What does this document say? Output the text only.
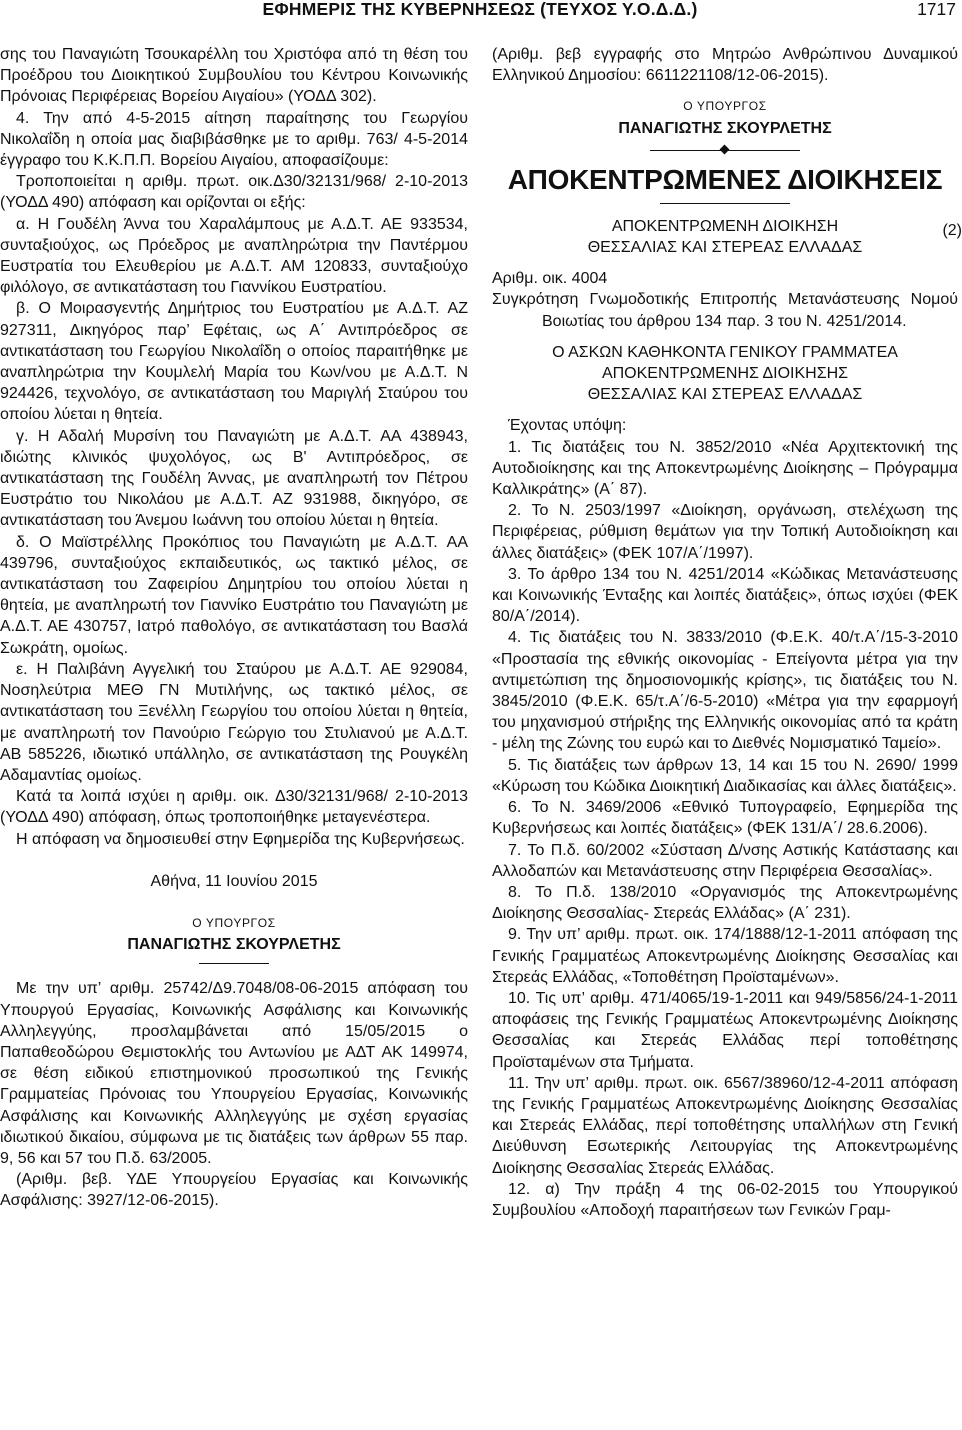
ΕΦΗΜΕΡΙΣ ΤΗΣ ΚΥΒΕΡΝΗΣΕΩΣ (ΤΕΥΧΟΣ Υ.Ο.Δ.Δ.)	1717

σης του Παναγιώτη Τσουκαρέλλη του Χριστόφα από τη θέση του Προέδρου του Διοικητικού Συμβουλίου του Κέντρου Κοινωνικής Πρόνοιας Περιφέρειας Βορείου Αιγαίου» (ΥΟΔΔ 302).

4. Την από 4-5-2015 αίτηση παραίτησης του Γεωργίου Νικολαΐδη η οποία μας διαβιβάσθηκε με το αριθμ. 763/ 4-5-2014 έγγραφο του Κ.Κ.Π.Π. Βορείου Αιγαίου, αποφασίζουμε:

Τροποποιείται η αριθμ. πρωτ. οικ.Δ30/32131/968/ 2-10-2013 (ΥΟΔΔ 490) απόφαση και ορίζονται οι εξής:

α. Η Γουδέλη Άννα του Χαραλάμπους με Α.Δ.Τ. ΑΕ 933534, συνταξιούχος, ως Πρόεδρος με αναπληρώτρια την Παντέρμου Ευστρατία του Ελευθερίου με Α.Δ.Τ. ΑΜ 120833, συνταξιούχο φιλόλογο, σε αντικατάσταση του Γιαννίκου Ευστρατίου.

β. Ο Μοιρασγεντής Δημήτριος του Ευστρατίου με Α.Δ.Τ. ΑΖ 927311, Δικηγόρος παρ’ Εφέταις, ως Α΄ Αντιπρόεδρος σε αντικατάσταση του Γεωργίου Νικολαΐδη ο οποίος παραιτήθηκε με αναπληρώτρια την Κουμλελή Μαρία του Κων/νου με Α.Δ.Τ. Ν 924426, τεχνολόγο, σε αντικατάσταση του Μαριγλή Σταύρου του οποίου λύεται η θητεία.

γ. Η Αδαλή Μυρσίνη του Παναγιώτη με Α.Δ.Τ. ΑΑ 438943, ιδιώτης κλινικός ψυχολόγος, ως Β' Αντιπρόεδρος, σε αντικατάσταση της Γουδέλη Άννας, με αναπληρωτή τον Πέτρου Ευστράτιο του Νικολάου με Α.Δ.Τ. ΑΖ 931988, δικηγόρο, σε αντικατάσταση του Άνεμου Ιωάννη του οποίου λύεται η θητεία.

δ. Ο Μαϊστρέλλης Προκόπιος του Παναγιώτη με Α.Δ.Τ. ΑΑ 439796, συνταξιούχος εκπαιδευτικός, ως τακτικό μέλος, σε αντικατάσταση του Ζαφειρίου Δημητρίου του οποίου λύεται η θητεία, με αναπληρωτή τον Γιαννίκο Ευστράτιο του Παναγιώτη με Α.Δ.Τ. ΑΕ 430757, Ιατρό παθολόγο, σε αντικατάσταση του Βασλά Σωκράτη, ομοίως.

ε. Η Παλιβάνη Αγγελική του Σταύρου με Α.Δ.Τ. ΑΕ 929084, Νοσηλεύτρια ΜΕΘ ΓΝ Μυτιλήνης, ως τακτικό μέλος, σε αντικατάσταση του Ξενέλλη Γεωργίου του οποίου λύεται η θητεία, με αναπληρωτή τον Πανούριο Γεώργιο του Στυλιανού με Α.Δ.Τ. ΑΒ 585226, ιδιωτικό υπάλληλο, σε αντικατάσταση της Ρουγκέλη Αδαμαντίας ομοίως.

Κατά τα λοιπά ισχύει η αριθμ. οικ. Δ30/32131/968/ 2-10-2013 (ΥΟΔΔ 490) απόφαση, όπως τροποποιήθηκε μεταγενέστερα.

Η απόφαση να δημοσιευθεί στην Εφημερίδα της Κυβερνήσεως.

Αθήνα, 11 Ιουνίου 2015

Ο ΥΠΟΥΡΓΟΣ

ΠΑΝΑΓΙΩΤΗΣ ΣΚΟΥΡΛΕΤΗΣ

Με την υπ’ αριθμ. 25742/Δ9.7048/08-06-2015 απόφαση του Υπουργού Εργασίας, Κοινωνικής Ασφάλισης και Κοινωνικής Αλληλεγγύης, προσλαμβάνεται από 15/05/2015 ο Παπαθεοδώρου Θεμιστοκλής του Αντωνίου με ΑΔΤ ΑΚ 149974, σε θέση ειδικού επιστημονικού προσωπικού της Γενικής Γραμματείας Πρόνοιας του Υπουργείου Εργασίας, Κοινωνικής Ασφάλισης και Κοινωνικής Αλληλεγγύης με σχέση εργασίας ιδιωτικού δικαίου, σύμφωνα με τις διατάξεις των άρθρων 55 παρ. 9, 56 και 57 του Π.δ. 63/2005.

(Αριθμ. βεβ. ΥΔΕ Υπουργείου Εργασίας και Κοινωνικής Ασφάλισης: 3927/12-06-2015).

(Αριθμ. βεβ εγγραφής στο Μητρώο Ανθρώπινου Δυναμικού Ελληνικού Δημοσίου: 6611221108/12-06-2015).

Ο ΥΠΟΥΡΓΟΣ

ΠΑΝΑΓΙΩΤΗΣ ΣΚΟΥΡΛΕΤΗΣ

ΑΠΟΚΕΝΤΡΩΜΕΝΕΣ ΔΙΟΙΚΗΣΕΙΣ

ΑΠΟΚΕΝΤΡΩΜΕΝΗ ΔΙΟΙΚΗΣΗ

ΘΕΣΣΑΛΙΑΣ ΚΑΙ ΣΤΕΡΕΑΣ ΕΛΛΑΔΑΣ

Αριθμ. οικ. 4004

Συγκρότηση Γνωμοδοτικής Επιτροπής Μετανάστευσης Νομού Βοιωτίας του άρθρου 134 παρ. 3 του Ν. 4251/2014.

Ο ΑΣΚΩΝ ΚΑΘΗΚΟΝΤΑ ΓΕΝΙΚΟΥ ΓΡΑΜΜΑΤΕΑ

ΑΠΟΚΕΝΤΡΩΜΕΝΗΣ ΔΙΟΙΚΗΣΗΣ

ΘΕΣΣΑΛΙΑΣ ΚΑΙ ΣΤΕΡΕΑΣ ΕΛΛΑΔΑΣ

Έχοντας υπόψη:

1. Τις διατάξεις του Ν. 3852/2010 «Νέα Αρχιτεκτονική της Αυτοδιοίκησης και της Αποκεντρωμένης Διοίκησης – Πρόγραμμα Καλλικράτης» (Α΄ 87).

2. Το Ν. 2503/1997 «Διοίκηση, οργάνωση, στελέχωση της Περιφέρειας, ρύθμιση θεμάτων για την Τοπική Αυτοδιοίκηση και άλλες διατάξεις» (ΦΕΚ 107/Α΄/1997).

3. Το άρθρο 134 του Ν. 4251/2014 «Κώδικας Μετανάστευσης και Κοινωνικής Ένταξης και λοιπές διατάξεις», όπως ισχύει (ΦΕΚ 80/Α΄/2014).

4. Τις διατάξεις του Ν. 3833/2010 (Φ.Ε.Κ. 40/τ.Α΄/15-3-2010 «Προστασία της εθνικής οικονομίας - Επείγοντα μέτρα για την αντιμετώπιση της δημοσιονομικής κρίσης», τις διατάξεις του Ν. 3845/2010 (Φ.Ε.Κ. 65/τ.Α΄/6-5-2010) «Μέτρα για την εφαρμογή του μηχανισμού στήριξης της Ελληνικής οικονομίας από τα κράτη - μέλη της Ζώνης του ευρώ και το Διεθνές Νομισματικό Ταμείο».

5. Τις διατάξεις των άρθρων 13, 14 και 15 του Ν. 2690/ 1999 «Κύρωση του Κώδικα Διοικητική Διαδικασίας και άλλες διατάξεις».

6. Το Ν. 3469/2006 «Εθνικό Τυπογραφείο, Εφημερίδα της Κυβερνήσεως και λοιπές διατάξεις» (ΦΕΚ 131/Α΄/ 28.6.2006).

7. Το Π.δ. 60/2002 «Σύσταση Δ/νσης Αστικής Κατάστασης και Αλλοδαπών και Μετανάστευσης στην Περιφέρεια Θεσσαλίας».

8. Το Π.δ. 138/2010 «Οργανισμός της Αποκεντρωμένης Διοίκησης Θεσσαλίας- Στερεάς Ελλάδας» (Α΄ 231).

9. Την υπ’ αριθμ. πρωτ. οικ. 174/1888/12-1-2011 απόφαση της Γενικής Γραμματέως Αποκεντρωμένης Διοίκησης Θεσσαλίας και Στερεάς Ελλάδας, «Τοποθέτηση Προϊσταμένων».

10. Τις υπ’ αριθμ. 471/4065/19-1-2011 και 949/5856/24-1-2011 αποφάσεις της Γενικής Γραμματέως Αποκεντρωμένης Διοίκησης Θεσσαλίας και Στερεάς Ελλάδας περί τοποθέτησης Προϊσταμένων στα Τμήματα.

11. Την υπ’ αριθμ. πρωτ. οικ. 6567/38960/12-4-2011 απόφαση της Γενικής Γραμματέως Αποκεντρωμένης Διοίκησης Θεσσαλίας και Στερεάς Ελλάδας, περί τοποθέτησης υπαλλήλων στη Γενική Διεύθυνση Εσωτερικής Λειτουργίας της Αποκεντρωμένης Διοίκησης Θεσσαλίας Στερεάς Ελλάδας.

12. α) Την πράξη 4 της 06-02-2015 του Υπουργικού Συμβουλίου «Αποδοχή παραιτήσεων των Γενικών Γραμ-

(2)
